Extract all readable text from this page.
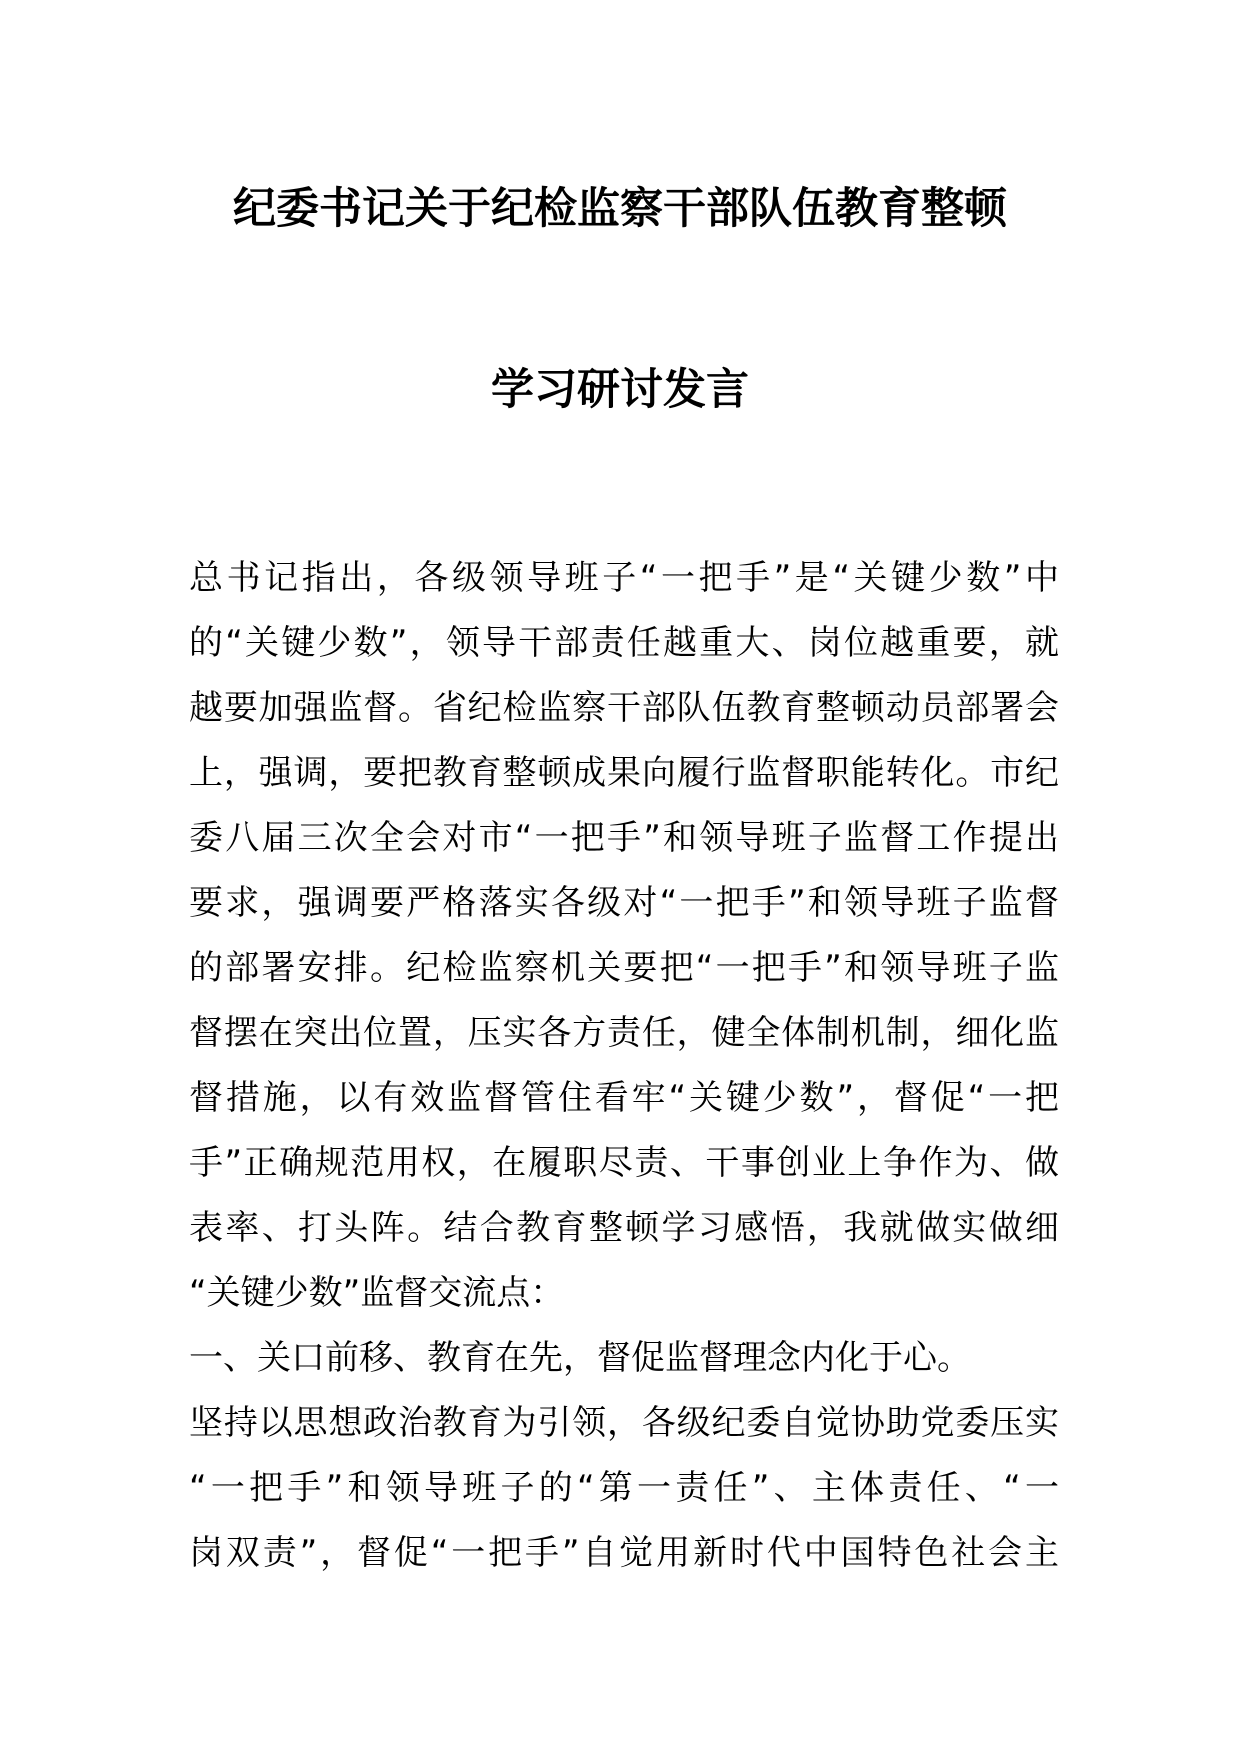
纪委书记关于纪检监察干部队伍教育整顿
学习研讨发言
总书记指出，各级领导班子“一把手”是“关键少数”中
的“关键少数”，领导干部责任越重大、岗位越重要，就
越要加强监督。省纪检监察干部队伍教育整顿动员部署会
上，强调，要把教育整顿成果向履行监督职能转化。市纪
委八届三次全会对市“一把手”和领导班子监督工作提出
要求，强调要严格落实各级对“一把手”和领导班子监督
的部署安排。纪检监察机关要把“一把手”和领导班子监
督摆在突出位置，压实各方责任，健全体制机制，细化监
督措施，以有效监督管住看牢“关键少数”，督促“一把
手”正确规范用权，在履职尽责、干事创业上争作为、做
表率、打头阵。结合教育整顿学习感悟，我就做实做细
“关键少数”监督交流点：
一、关口前移、教育在先，督促监督理念内化于心。
坚持以思想政治教育为引领，各级纪委自觉协助党委压实
“一把手”和领导班子的“第一责任”、主体责任、“一
岗双责”，督促“一把手”自觉用新时代中国特色社会主
